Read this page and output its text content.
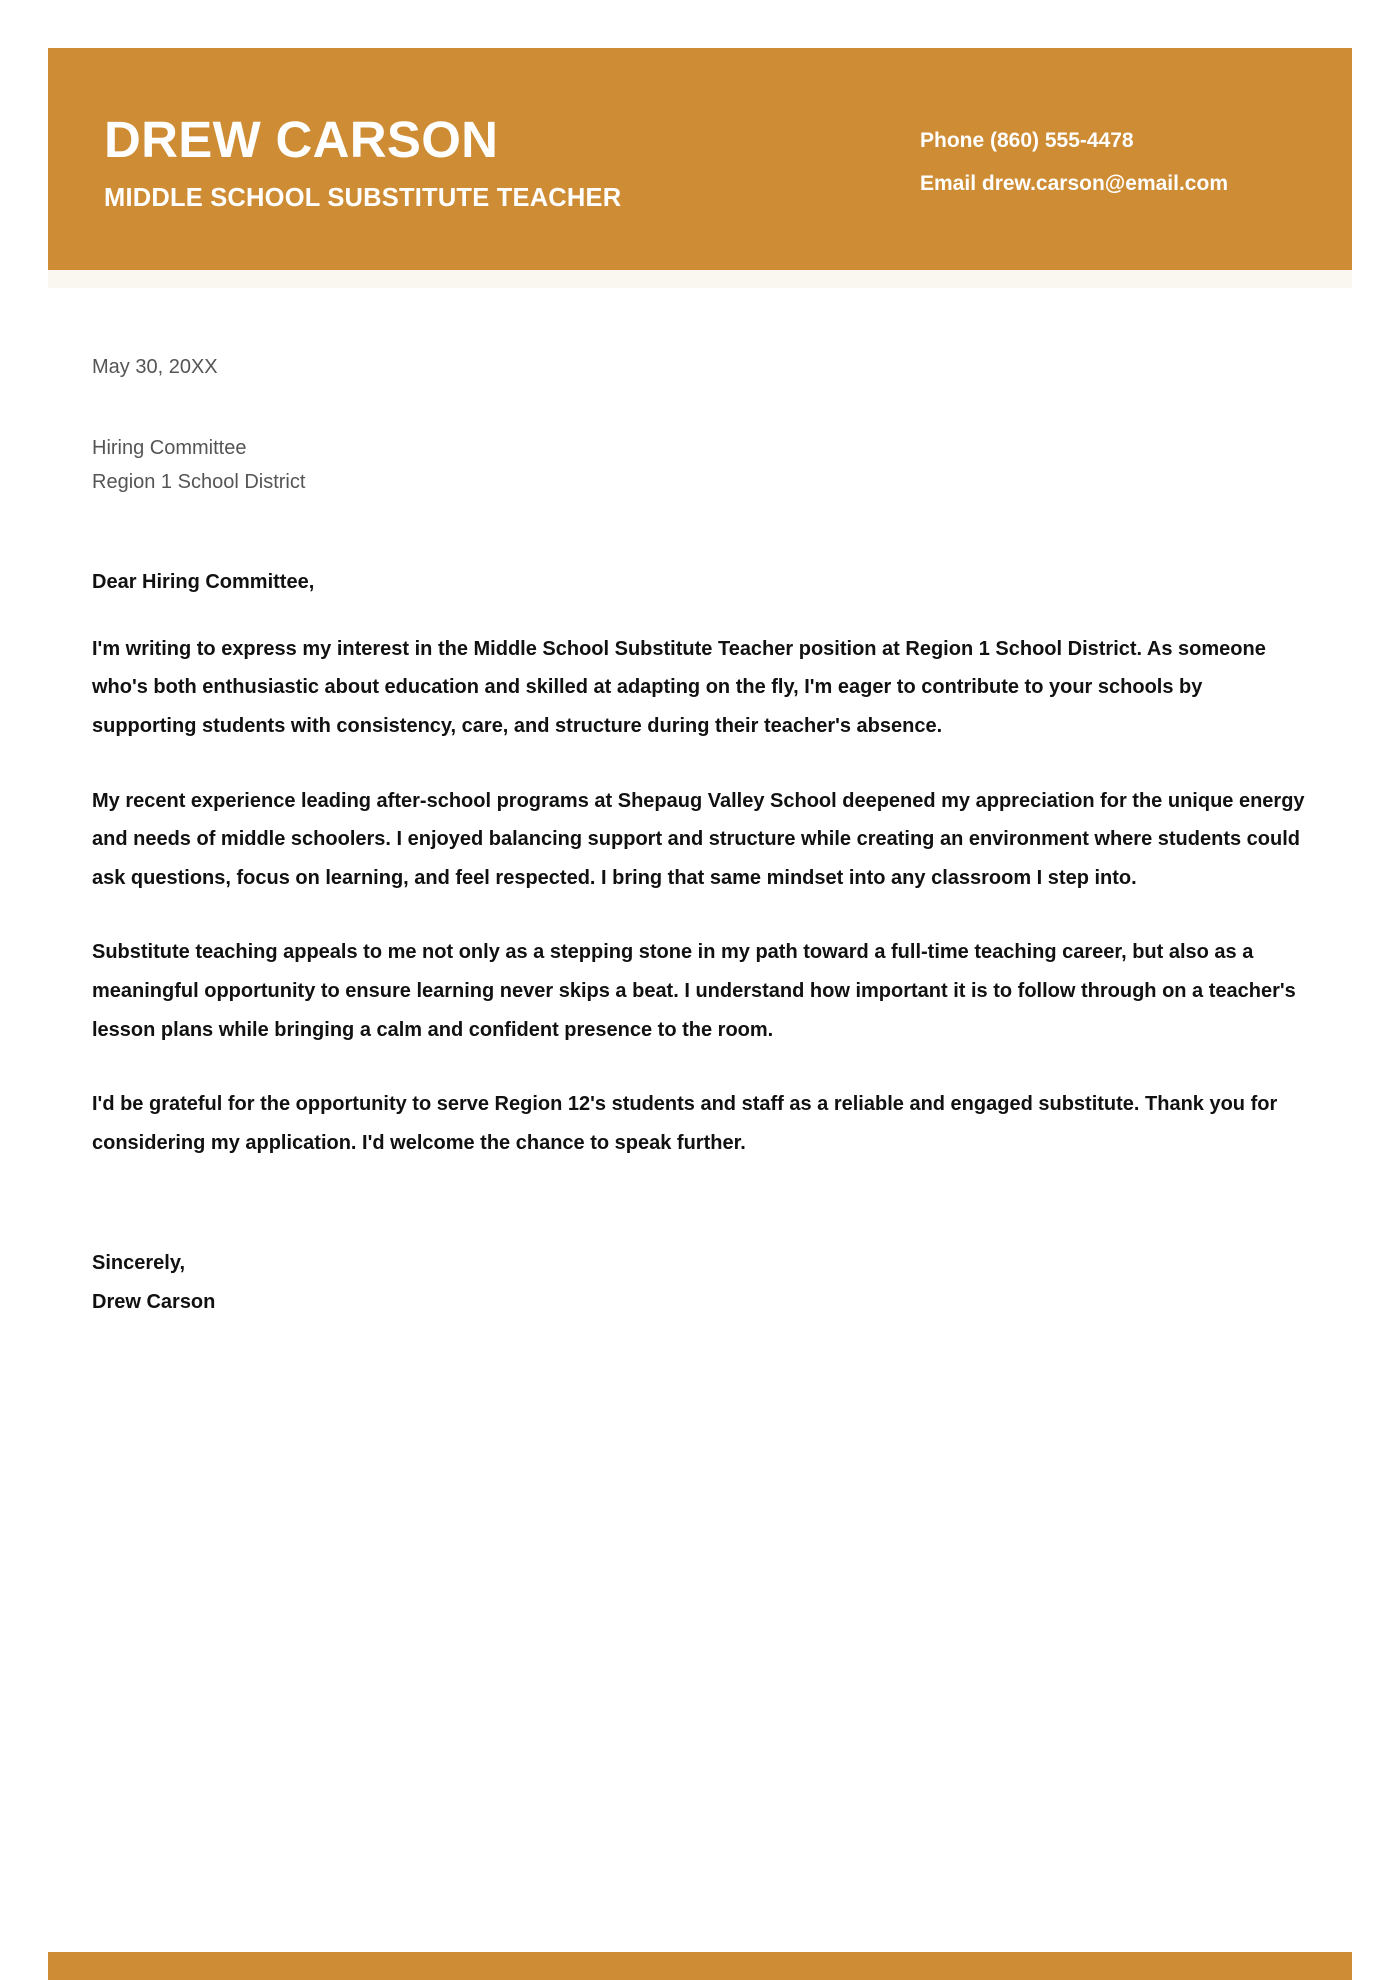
DREW CARSON
MIDDLE SCHOOL SUBSTITUTE TEACHER

Phone (860) 555-4478

Email drew.carson@email.com

May 30, 20XX

Hiring Committee

Region 1 School District

Dear Hiring Committee,

I'm writing to express my interest in the Middle School Substitute Teacher position at Region 1 School District. As someone who's both enthusiastic about education and skilled at adapting on the fly, I'm eager to contribute to your schools by supporting students with consistency, care, and structure during their teacher's absence.

My recent experience leading after-school programs at Shepaug Valley School deepened my appreciation for the unique energy and needs of middle schoolers. I enjoyed balancing support and structure while creating an environment where students could ask questions, focus on learning, and feel respected. I bring that same mindset into any classroom I step into.

Substitute teaching appeals to me not only as a stepping stone in my path toward a full-time teaching career, but also as a meaningful opportunity to ensure learning never skips a beat. I understand how important it is to follow through on a teacher's lesson plans while bringing a calm and confident presence to the room.

I'd be grateful for the opportunity to serve Region 12's students and staff as a reliable and engaged substitute. Thank you for considering my application. I'd welcome the chance to speak further.

Sincerely,

Drew Carson
